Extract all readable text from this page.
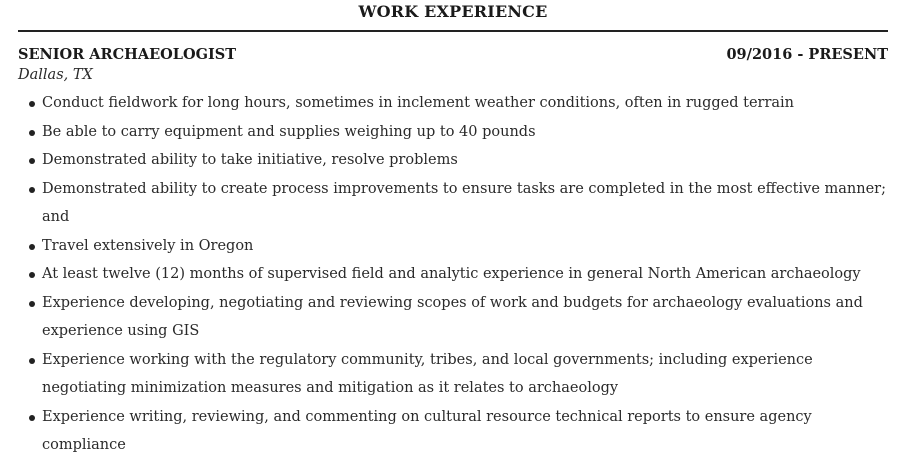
WORK EXPERIENCE
SENIOR ARCHAEOLOGIST	09/2016 - PRESENT
Dallas, TX
Conduct fieldwork for long hours, sometimes in inclement weather conditions, often in rugged terrain
Be able to carry equipment and supplies weighing up to 40 pounds
Demonstrated ability to take initiative, resolve problems
Demonstrated ability to create process improvements to ensure tasks are completed in the most effective manner; and
Travel extensively in Oregon
At least twelve (12) months of supervised field and analytic experience in general North American archaeology
Experience developing, negotiating and reviewing scopes of work and budgets for archaeology evaluations and experience using GIS
Experience working with the regulatory community, tribes, and local governments; including experience negotiating minimization measures and mitigation as it relates to archaeology
Experience writing, reviewing, and commenting on cultural resource technical reports to ensure agency compliance
